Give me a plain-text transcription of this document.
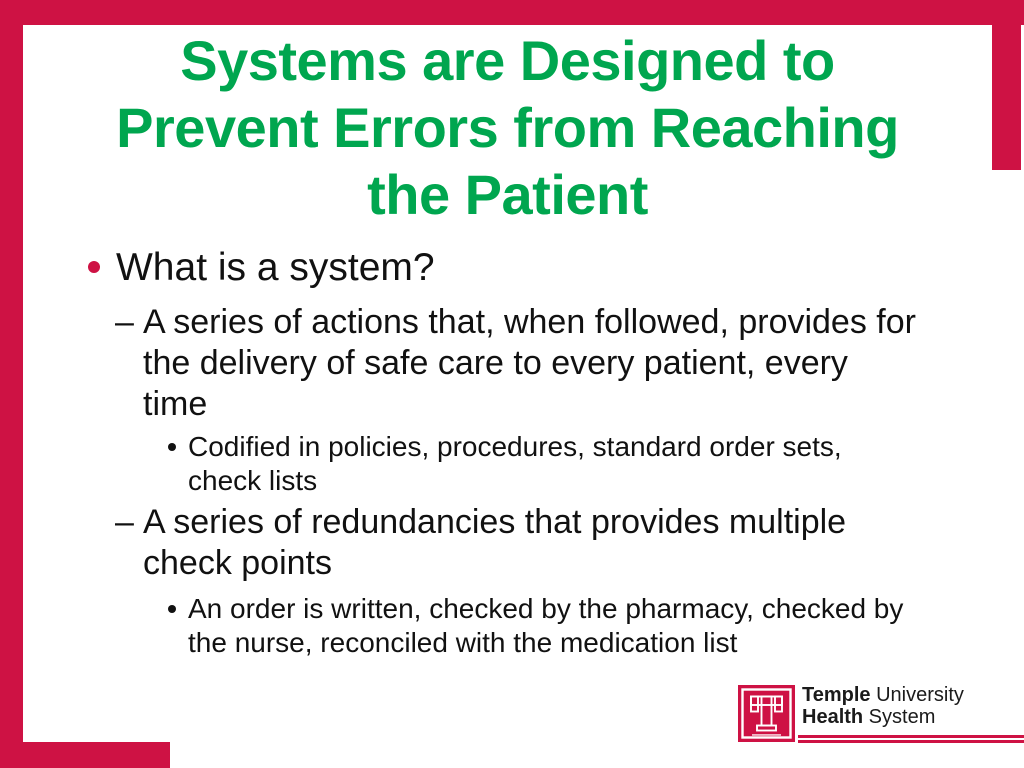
Systems are Designed to
Prevent Errors from Reaching
the Patient
What is a system?
– A series of actions that, when followed, provides for
the delivery of safe care to every patient, every
time
Codified in policies, procedures, standard order sets,
check lists
– A series of redundancies that provides multiple
check points
An order is written, checked by the pharmacy, checked by
the nurse, reconciled with the medication list
Temple University
Health System
